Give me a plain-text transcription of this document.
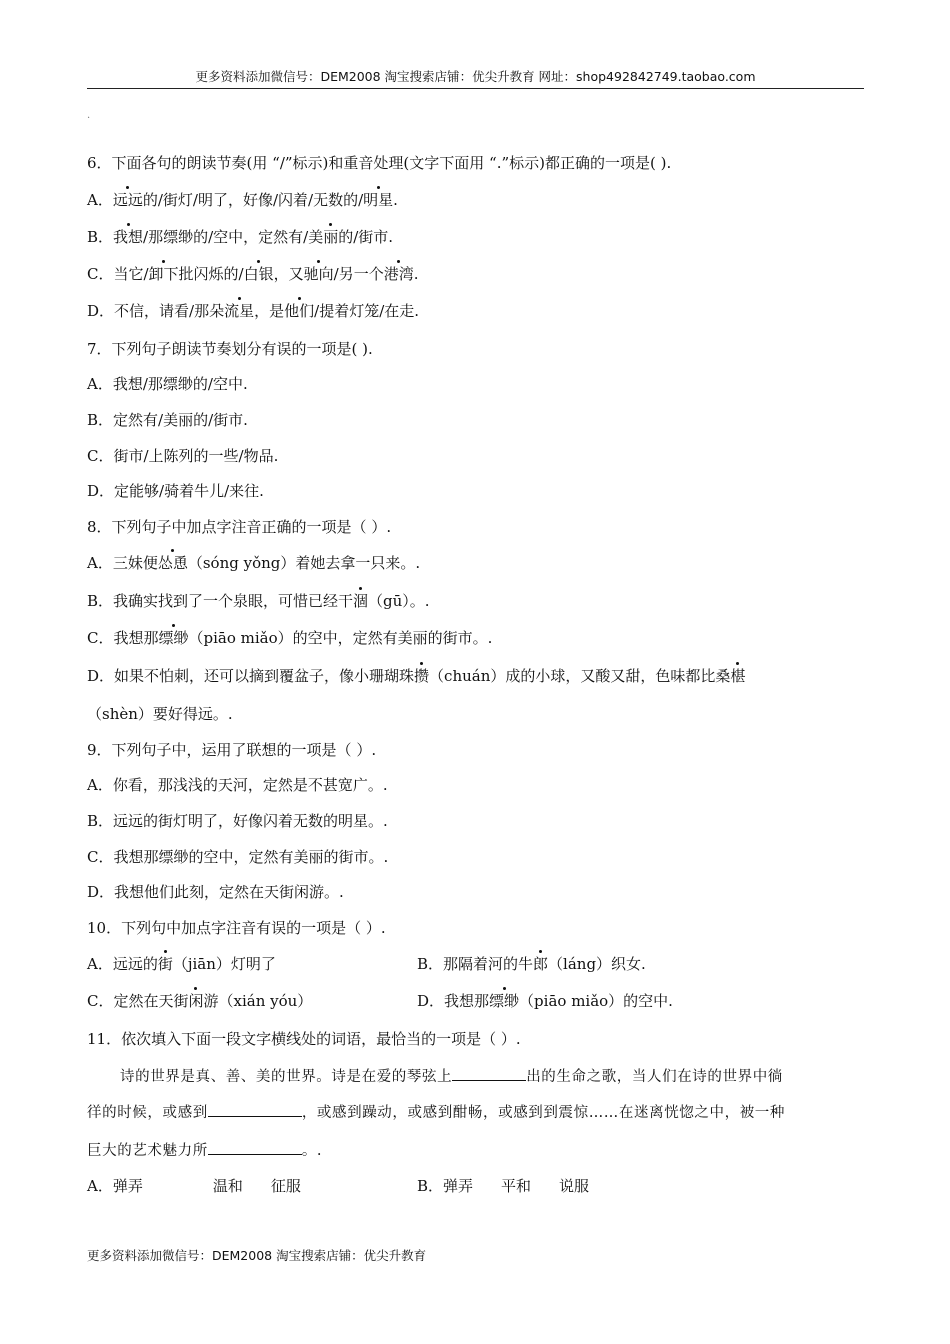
更多资料添加微信号：DEM2008 淘宝搜索店铺：优尖升教育 网址：shop492842749.taobao.com
.
6．下面各句的朗读节奏(用 “/”标示)和重音处理(文字下面用 “.”标示)都正确的一项是( ).
A．远远的/街灯/明了，好像/闪着/无数的/明星.
B．我想/那缥缈的/空中，定然有/美丽的/街市.
C．当它/卸下批闪烁的/白银，又驰向/另一个港湾.
D．不信，请看/那朵流星，是他们/提着灯笼/在走.
7．下列句子朗读节奏划分有误的一项是( ).
A．我想/那缥缈的/空中.
B．定然有/美丽的/街市.
C．街市/上陈列的一些/物品.
D．定能够/骑着牛儿/来往.
8．下列句子中加点字注音正确的一项是（ ）.
A．三妹便怂恿（sóng yǒng）着她去拿一只来。.
B．我确实找到了一个泉眼，可惜已经干涸（gū）。.
C．我想那缥缈（piāo miǎo）的空中，定然有美丽的街市。.
D．如果不怕刺，还可以摘到覆盆子，像小珊瑚珠攒（chuán）成的小球，又酸又甜，色味都比桑椹
（shèn）要好得远。.
9．下列句子中，运用了联想的一项是（ ）.
A．你看，那浅浅的天河，定然是不甚宽广。.
B．远远的街灯明了，好像闪着无数的明星。.
C．我想那缥缈的空中，定然有美丽的街市。.
D．我想他们此刻，定然在天街闲游。.
10．下列句中加点字注音有误的一项是（ ）.
A．远远的街（jiān）灯明了	B．那隔着河的牛郎（láng）织女.
C．定然在天街闲游（xián yóu）	D．我想那缥缈（piāo miǎo）的空中.
11．依次填入下面一段文字横线处的词语，最恰当的一项是（ ）.
诗的世界是真、善、美的世界。诗是在爱的琴弦上	出的生命之歌，当人们在诗的世界中徜
徉的时候，或感到	，或感到躁动，或感到酣畅，或感到到震惊……在迷离恍惚之中，被一种
巨大的艺术魅力所	。.
A．弹弄	温和 征服	B．弹弄 平和 说服
更多资料添加微信号：DEM2008 淘宝搜索店铺：优尖升教育
